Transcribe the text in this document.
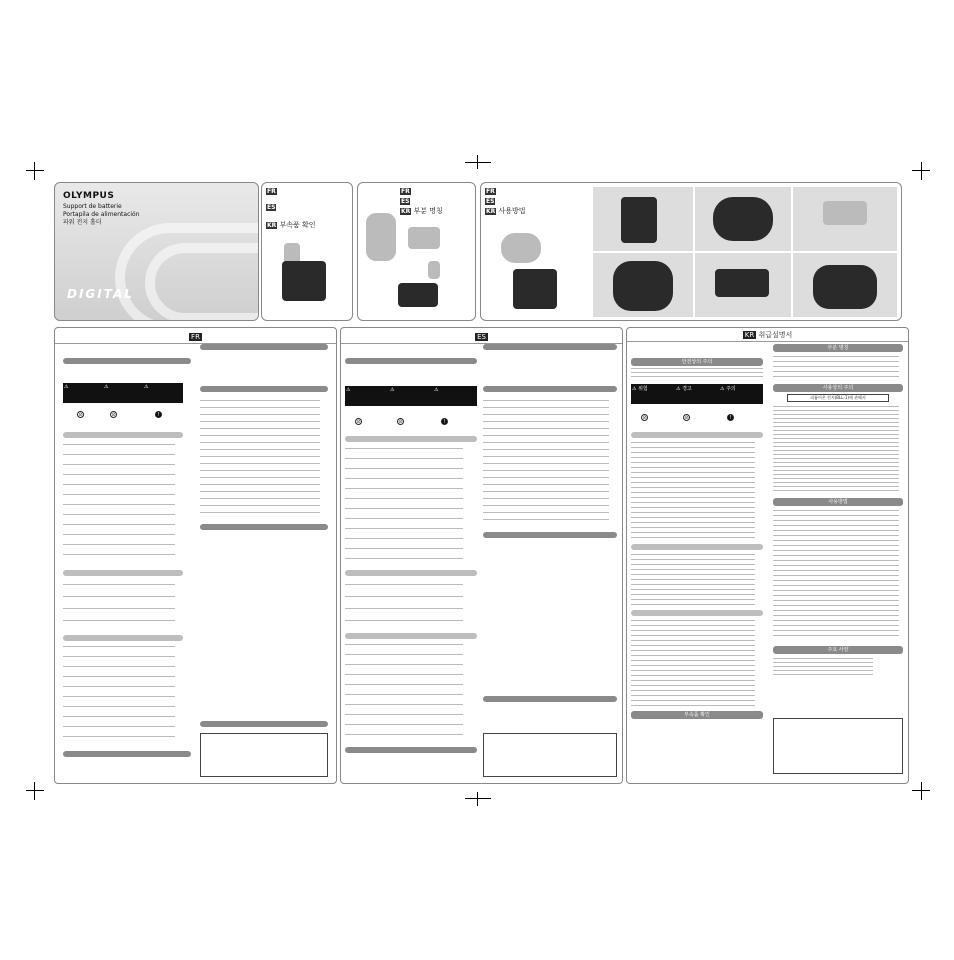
OLYMPUS
Support de batterie
Portapila de alimentación
파워 전지 홀더
DIGITAL
FR
ES
KR 부속품 확인
FR
ES
KR 부분 명칭
FR
ES
KR 사용방법
FR
⚠	⚠	⚠
⊘	⊘	!
ES
⚠	⚠	⚠
⊘	⊘	!
KR 취급설명서
안전상의 주의
⚠ 위험	⚠ 경고	⚠ 주의
⊘	⊘	!
부속품 확인
부분 명칭
사용상의 주의
리튬이온 전지(BLL-1)에 관해서
사용방법
주요 사양
